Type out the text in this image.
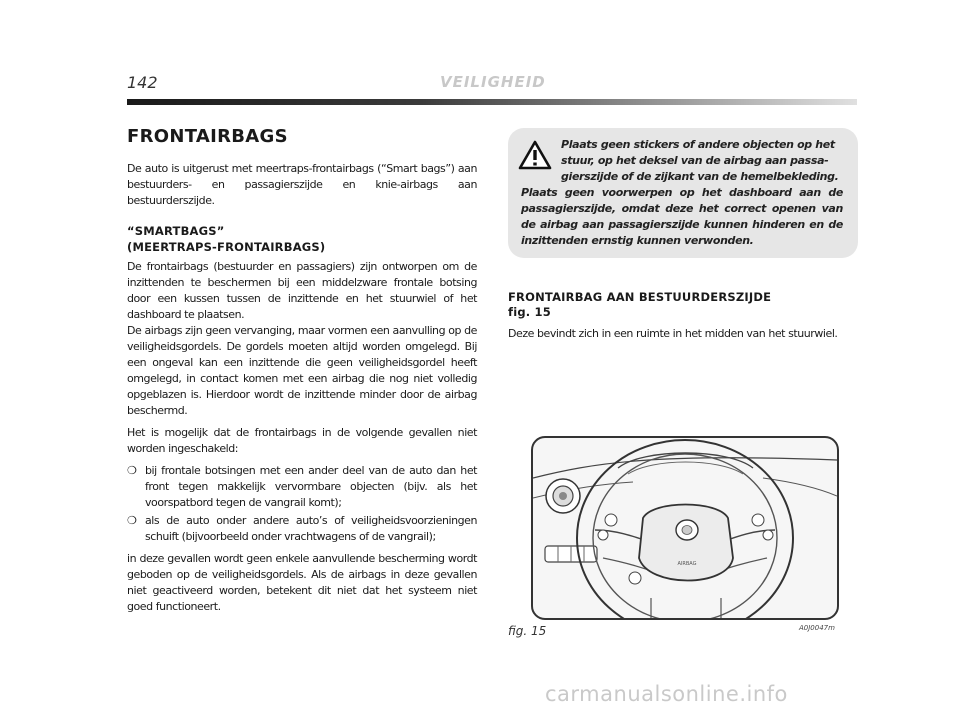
142	VEILIGHEID
FRONTAIRBAGS

De auto is uitgerust met meertraps-frontairbags (“Smart bags”) aan bestuurders- en passagierszijde en knie-airbags aan bestuurderszijde.

“SMARTBAGS”
(MEERTRAPS-FRONTAIRBAGS)

De frontairbags (bestuurder en passagiers) zijn ontworpen om de inzittenden te beschermen bij een middelzware frontale botsing door een kussen tussen de inzittende en het stuurwiel of het dashboard te plaatsen.

De airbags zijn geen vervanging, maar vormen een aanvulling op de veiligheidsgordels. De gordels moeten altijd worden omgelegd. Bij een ongeval kan een inzittende die geen veiligheidsgordel heeft omgelegd, in contact komen met een airbag die nog niet volledig opgeblazen is. Hierdoor wordt de inzittende minder door de airbag beschermd.

Het is mogelijk dat de frontairbags in de volgende gevallen niet worden ingeschakeld:

❍ bij frontale botsingen met een ander deel van de auto dan het front tegen makkelijk vervormbare objecten (bijv. als het voorspatbord tegen de vangrail komt);
❍ als de auto onder andere auto’s of veiligheidsvoorzieningen schuift (bijvoorbeeld onder vrachtwagens of de vangrail);

in deze gevallen wordt geen enkele aanvullende bescherming wordt geboden op de veiligheidsgordels. Als de airbags in deze gevallen niet geactiveerd worden, betekent dit niet dat het systeem niet goed functioneert.

Plaats geen stickers of andere objecten op het
stuur, op het deksel van de airbag aan passa-
gierszijde of de zijkant van de hemelbekleding.
Plaats geen voorwerpen op het dashboard aan de passagierszijde, omdat deze het correct openen van de airbag aan passagierszijde kunnen hinderen en de inzittenden ernstig kunnen verwonden.

FRONTAIRBAG AAN BESTUURDERSZIJDE
fig. 15

Deze bevindt zich in een ruimte in het midden van het stuurwiel.

AIRBAG
fig. 15	A0J0047m
carmanualsonline.info
